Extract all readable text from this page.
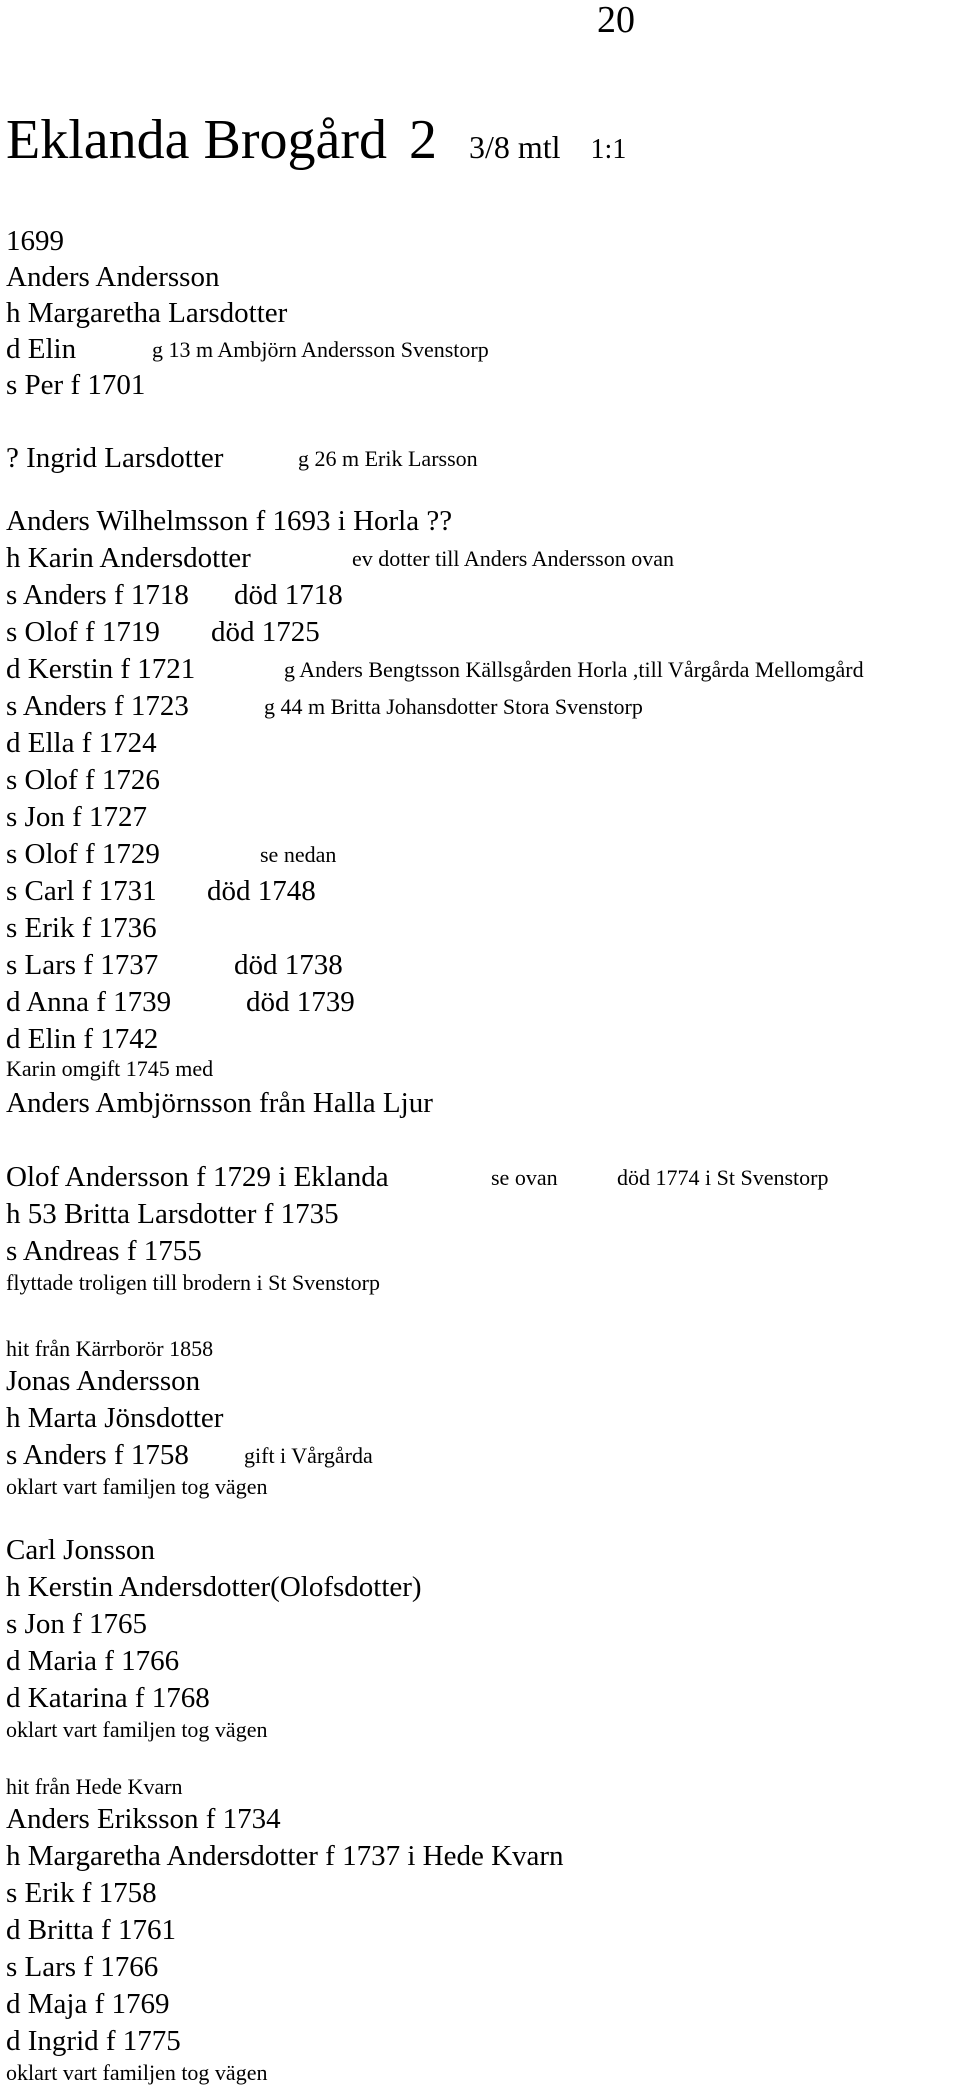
20
Eklanda Brogård 2 3/8 mtl 1:1
1699
Anders Andersson
h Margaretha Larsdotter
d Elin	g 13 m Ambjörn Andersson Svenstorp
s Per f 1701
? Ingrid Larsdotter	g 26 m Erik Larsson
Anders Wilhelmsson f 1693 i Horla ??
h Karin Andersdotter	ev dotter till Anders Andersson ovan
s Anders f 1718 död 1718
s Olof f 1719 död 1725
d Kerstin f 1721	g Anders Bengtsson Källsgården Horla ,till Vårgårda Mellomgård
s Anders f 1723	g 44 m Britta Johansdotter Stora Svenstorp
d Ella f 1724
s Olof f 1726
s Jon f 1727
s Olof f 1729	se nedan
s Carl f 1731 död 1748
s Erik f 1736
s Lars f 1737	död 1738
d Anna f 1739	död 1739
d Elin f 1742
Karin omgift 1745 med
Anders Ambjörnsson från Halla Ljur
Olof Andersson f 1729 i Eklanda	se ovan	död 1774 i St Svenstorp
h 53 Britta Larsdotter f 1735
s Andreas f 1755
flyttade troligen till brodern i St Svenstorp
hit från Kärrborör 1858
Jonas Andersson
h Marta Jönsdotter
s Anders f 1758	gift i Vårgårda
oklart vart familjen tog vägen
Carl Jonsson
h Kerstin Andersdotter(Olofsdotter)
s Jon f 1765
d Maria f 1766
d Katarina f 1768
oklart vart familjen tog vägen
hit från Hede Kvarn
Anders Eriksson f 1734
h Margaretha Andersdotter f 1737 i Hede Kvarn
s Erik f 1758
d Britta f 1761
s Lars f 1766
d Maja f 1769
d Ingrid f 1775
oklart vart familjen tog vägen
